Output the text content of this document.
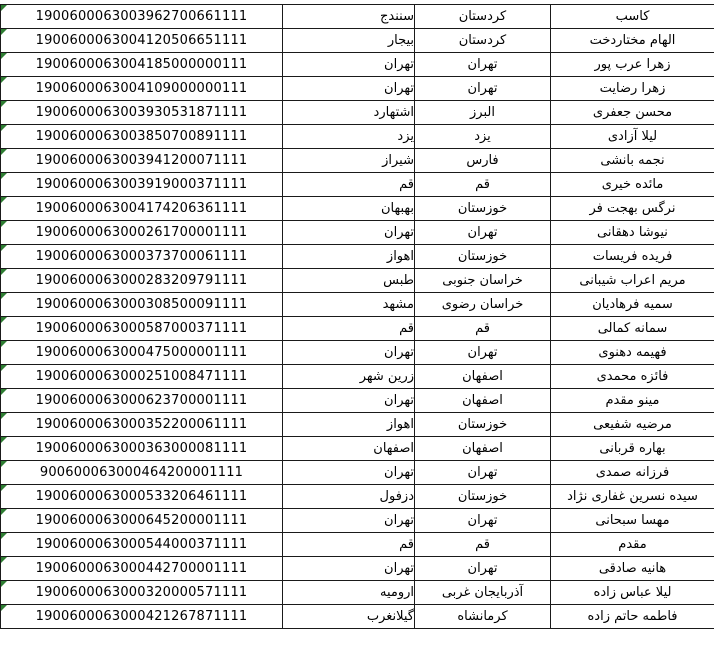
1900600063003962700661111	سنندج	کردستان	کاسب
1900600063004120506651111	بیجار	کردستان	الهام مختاردخت
1900600063004185000000111	تهران	تهران	زهرا عرب پور
1900600063004109000000111	تهران	تهران	زهرا رضایت
1900600063003930531871111	اشتهارد	البرز	محسن جعفری
1900600063003850700891111	یزد	یزد	لیلا آزادی
1900600063003941200071111	شیراز	فارس	نجمه بانشی
1900600063003919000371111	قم	قم	مائده خیری
1900600063004174206361111	بهبهان	خوزستان	نرگس بهجت فر
1900600063000261700001111	تهران	تهران	نیوشا دهقانی
1900600063000373700061111	اهواز	خوزستان	فریده فریسات
1900600063000283209791111	طبس	خراسان جنوبی	مریم اعراب شیبانی
1900600063000308500091111	مشهد	خراسان رضوی	سمیه فرهادیان
1900600063000587000371111	قم	قم	سمانه کمالی
1900600063000475000001111	تهران	تهران	فهیمه دهنوی
1900600063000251008471111	زرین شهر	اصفهان	فائزه محمدی
1900600063000623700001111	تهران	اصفهان	مینو مقدم
1900600063000352200061111	اهواز	خوزستان	مرضیه شفیعی
1900600063000363000081111	اصفهان	اصفهان	بهاره قربانی
900600063000464200001111	تهران	تهران	فرزانه صمدی
1900600063000533206461111	دزفول	خوزستان	سیده نسرین غفاری نژاد
1900600063000645200001111	تهران	تهران	مهسا سبحانی
1900600063000544000371111	قم	قم	مقدم
1900600063000442700001111	تهران	تهران	هانیه صادقی
1900600063000320000571111	ارومیه	آذربایجان غربی	لیلا عباس زاده
1900600063000421267871111	گیلانغرب	کرمانشاه	فاطمه حاتم زاده
